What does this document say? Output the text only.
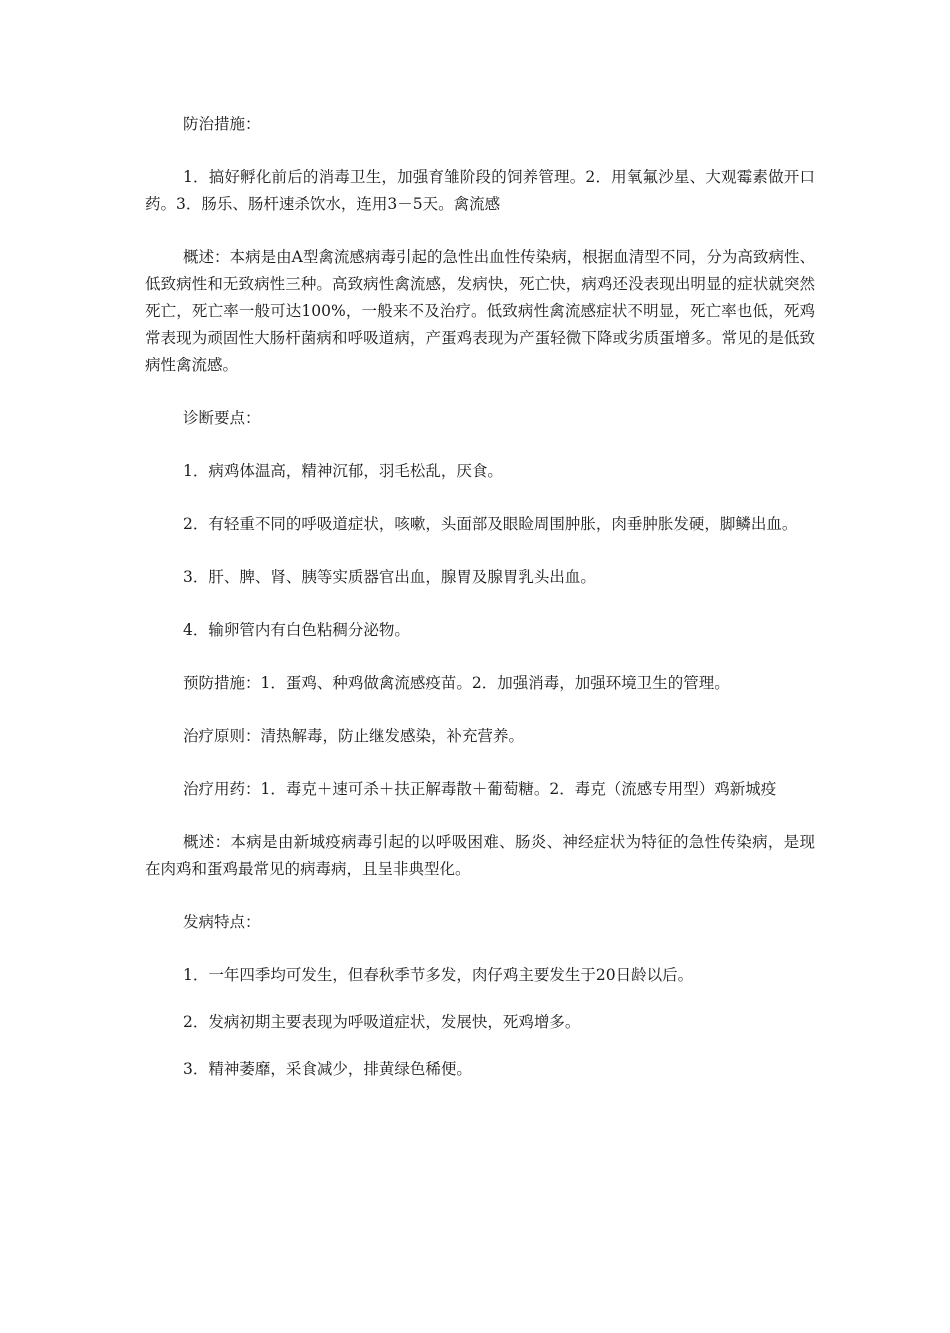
防治措施：

1．搞好孵化前后的消毒卫生，加强育雏阶段的饲养管理。2．用氧氟沙星、大观霉素做开口药。3．肠乐、肠杆速杀饮水，连用3－5天。禽流感

概述：本病是由A型禽流感病毒引起的急性出血性传染病，根据血清型不同，分为高致病性、低致病性和无致病性三种。高致病性禽流感，发病快，死亡快，病鸡还没表现出明显的症状就突然死亡，死亡率一般可达100%，一般来不及治疗。低致病性禽流感症状不明显，死亡率也低，死鸡常表现为顽固性大肠杆菌病和呼吸道病，产蛋鸡表现为产蛋轻微下降或劣质蛋增多。常见的是低致病性禽流感。

诊断要点：

1．病鸡体温高，精神沉郁，羽毛松乱，厌食。

2．有轻重不同的呼吸道症状，咳嗽，头面部及眼睑周围肿胀，肉垂肿胀发硬，脚鳞出血。

3．肝、脾、肾、胰等实质器官出血，腺胃及腺胃乳头出血。

4．输卵管内有白色粘稠分泌物。

预防措施：1．蛋鸡、种鸡做禽流感疫苗。2．加强消毒，加强环境卫生的管理。

治疗原则：清热解毒，防止继发感染，补充营养。

治疗用药：1．毒克＋速可杀＋扶正解毒散＋葡萄糖。2．毒克（流感专用型）鸡新城疫

概述：本病是由新城疫病毒引起的以呼吸困难、肠炎、神经症状为特征的急性传染病，是现在肉鸡和蛋鸡最常见的病毒病，且呈非典型化。

发病特点：

1．一年四季均可发生，但春秋季节多发，肉仔鸡主要发生于20日龄以后。

2．发病初期主要表现为呼吸道症状，发展快，死鸡增多。

3．精神萎靡，采食减少，排黄绿色稀便。
